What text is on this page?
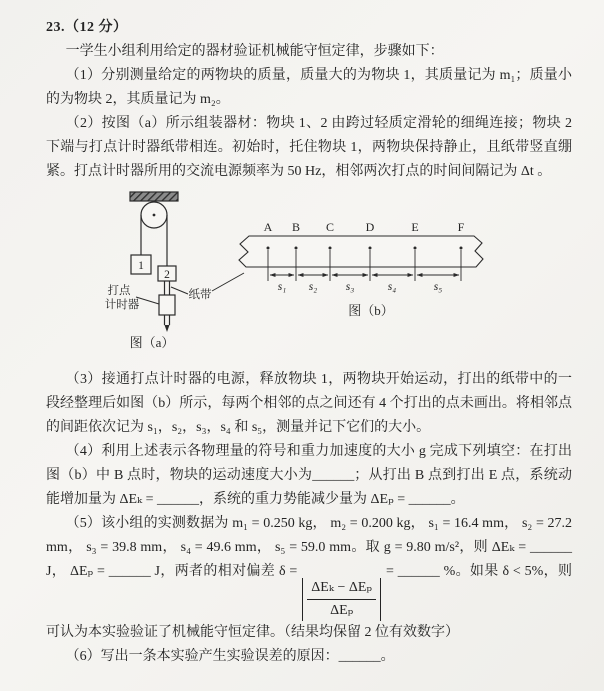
23.（12 分）

一学生小组利用给定的器材验证机械能守恒定律，步骤如下：

（1）分别测量给定的两物块的质量，质量大的为物块 1，其质量记为 m₁；质量小的为物块 2，其质量记为 m₂。

（2）按图（a）所示组装器材：物块 1、2 由跨过轻质定滑轮的细绳连接；物块 2 下端与打点计时器纸带相连。初始时，托住物块 1，两物块保持静止，且纸带竖直绷紧。打点计时器所用的交流电源频率为 50 Hz，相邻两次打点的时间间隔记为 Δt 。

1
2
打点
计时器
纸带
图（a）
A B C	D	E	F
s₁ s₂ s₃	s₄	s₅
图（b）

（3）接通打点计时器的电源，释放物块 1，两物块开始运动，打出的纸带中的一段经整理后如图（b）所示，每两个相邻的点之间还有 4 个打出的点未画出。将相邻点的间距依次记为 s₁，s₂，s₃，s₄ 和 s₅，测量并记下它们的大小。

（4）利用上述表示各物理量的符号和重力加速度的大小 g 完成下列填空：在打出图（b）中 B 点时，物块的运动速度大小为______；从打出 B 点到打出 E 点，系统动能增加量为 ΔEₖ = ______，系统的重力势能减少量为 ΔEₚ = ______。

（5）该小组的实测数据为 m₁ = 0.250 kg， m₂ = 0.200 kg， s₁ = 16.4 mm， s₂ = 27.2 mm， s₃ = 39.8 mm， s₄ = 49.6 mm， s₅ = 59.0 mm。取 g = 9.80 m/s²，则 ΔEₖ = ______ J， ΔEₚ = ______ J，两者的相对偏差 δ =
$\frac{\text{ΔEₖ − ΔEₚ}}{\text{ΔEₚ}}$
= ______ %。如果 δ < 5%，则可认为本实验验证了机械能守恒定律。（结果均保留 2 位有效数字）

（6）写出一条本实验产生实验误差的原因：______。
